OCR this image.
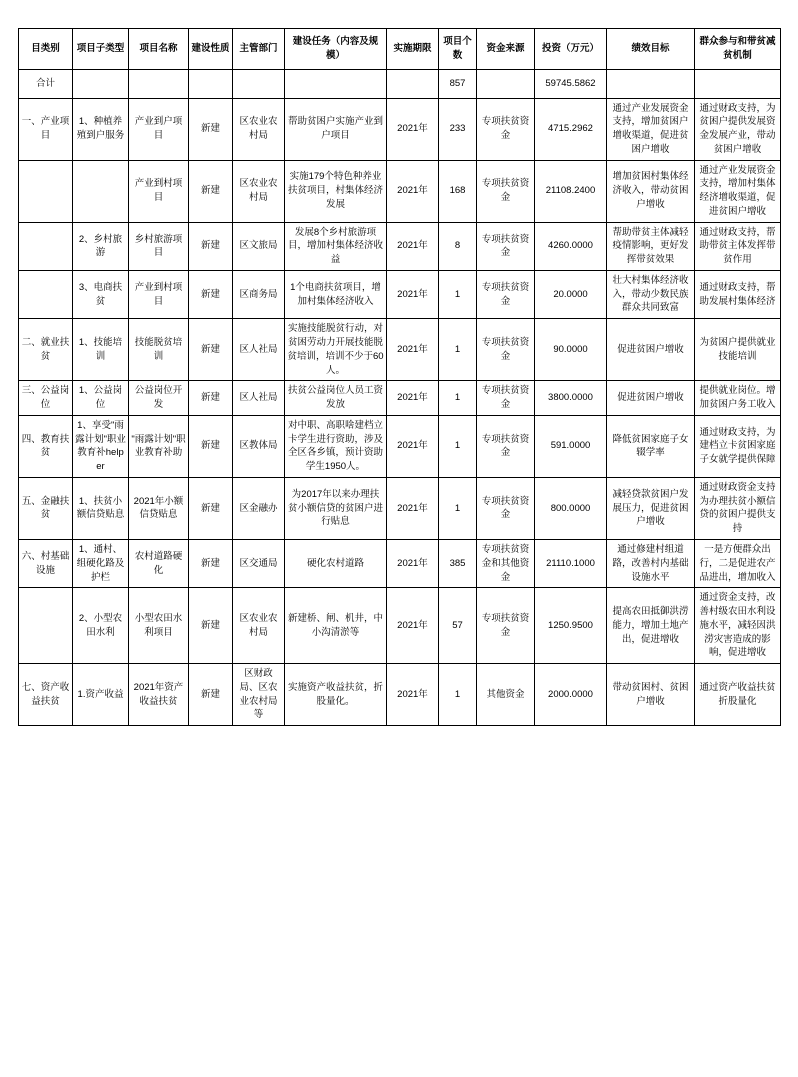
目类别	项目子类型	项目名称	建设性质	主管部门	建设任务（内容及规模）	实施期限	项目个数	资金来源	投资（万元）	绩效目标	群众参与和带贫减贫机制
合计							857		59745.5862		
一、产业项目	1、种植养殖到户服务	产业到户项目	新建	区农业农村局	帮助贫困户实施产业到户项目	2021年	233	专项扶贫资金	4715.2962	通过产业发展资金支持，增加贫困户增收渠道，促进贫困户增收	通过财政支持，为贫困户提供发展资金发展产业，带动贫困户增收
		产业到村项目	新建	区农业农村局	实施179个特色种养业扶贫项目，村集体经济发展	2021年	168	专项扶贫资金	21108.2400	增加贫困村集体经济收入，带动贫困户增收	通过产业发展资金支持，增加村集体经济增收渠道，促进贫困户增收
	2、乡村旅游	乡村旅游项目	新建	区文旅局	发展8个乡村旅游项目，增加村集体经济收益	2021年	8	专项扶贫资金	4260.0000	帮助带贫主体减轻疫情影响，更好发挥带贫效果	通过财政支持，帮助带贫主体发挥带贫作用
	3、电商扶贫	产业到村项目	新建	区商务局	1个电商扶贫项目，增加村集体经济收入	2021年	1	专项扶贫资金	20.0000	壮大村集体经济收入，带动少数民族群众共同致富	通过财政支持，帮助发展村集体经济
二、就业扶贫	1、技能培训	技能脱贫培训	新建	区人社局	实施技能脱贫行动，对贫困劳动力开展技能脱贫培训，培训不少于60人。	2021年	1	专项扶贫资金	90.0000	促进贫困户增收	为贫困户提供就业技能培训
三、公益岗位	1、公益岗位	公益岗位开发	新建	区人社局	扶贫公益岗位人员工资发放	2021年	1	专项扶贫资金	3800.0000	促进贫困户增收	提供就业岗位。增加贫困户务工收入
四、教育扶贫	1、享受"雨露计划"职业教育补helper	"雨露计划"职业教育补助	新建	区教体局	对中职、高职啥建档立卡学生进行资助，涉及全区各乡镇，预计资助学生1950人。	2021年	1	专项扶贫资金	591.0000	降低贫困家庭子女辍学率	通过财政支持，为建档立卡贫困家庭子女就学提供保障
五、金融扶贫	1、扶贫小额信贷贴息	2021年小额信贷贴息	新建	区金融办	为2017年以来办理扶贫小额信贷的贫困户进行贴息	2021年	1	专项扶贫资金	800.0000	减轻贷款贫困户发展压力，促进贫困户增收	通过财政资金支持为办理扶贫小额信贷的贫困户提供支持
六、村基础设施	1、通村、组硬化路及护栏	农村道路硬化	新建	区交通局	硬化农村道路	2021年	385	专项扶贫资金和其他资金	21110.1000	通过修建村组道路，改善村内基础设施水平	一是方便群众出行，二是促进农产品进出，增加收入
	2、小型农田水利	小型农田水利项目	新建	区农业农村局	新建桥、闸、机井，中小沟清淤等	2021年	57	专项扶贫资金	1250.9500	提高农田抵御洪涝能力，增加土地产出，促进增收	通过资金支持，改善村级农田水利设施水平，减轻因洪涝灾害造成的影响，促进增收
七、资产收益扶贫	1.资产收益	2021年资产收益扶贫	新建	区财政局、区农业农村局等	实施资产收益扶贫，折股量化。	2021年	1	其他资金	2000.0000	带动贫困村、贫困户增收	通过资产收益扶贫折股量化
